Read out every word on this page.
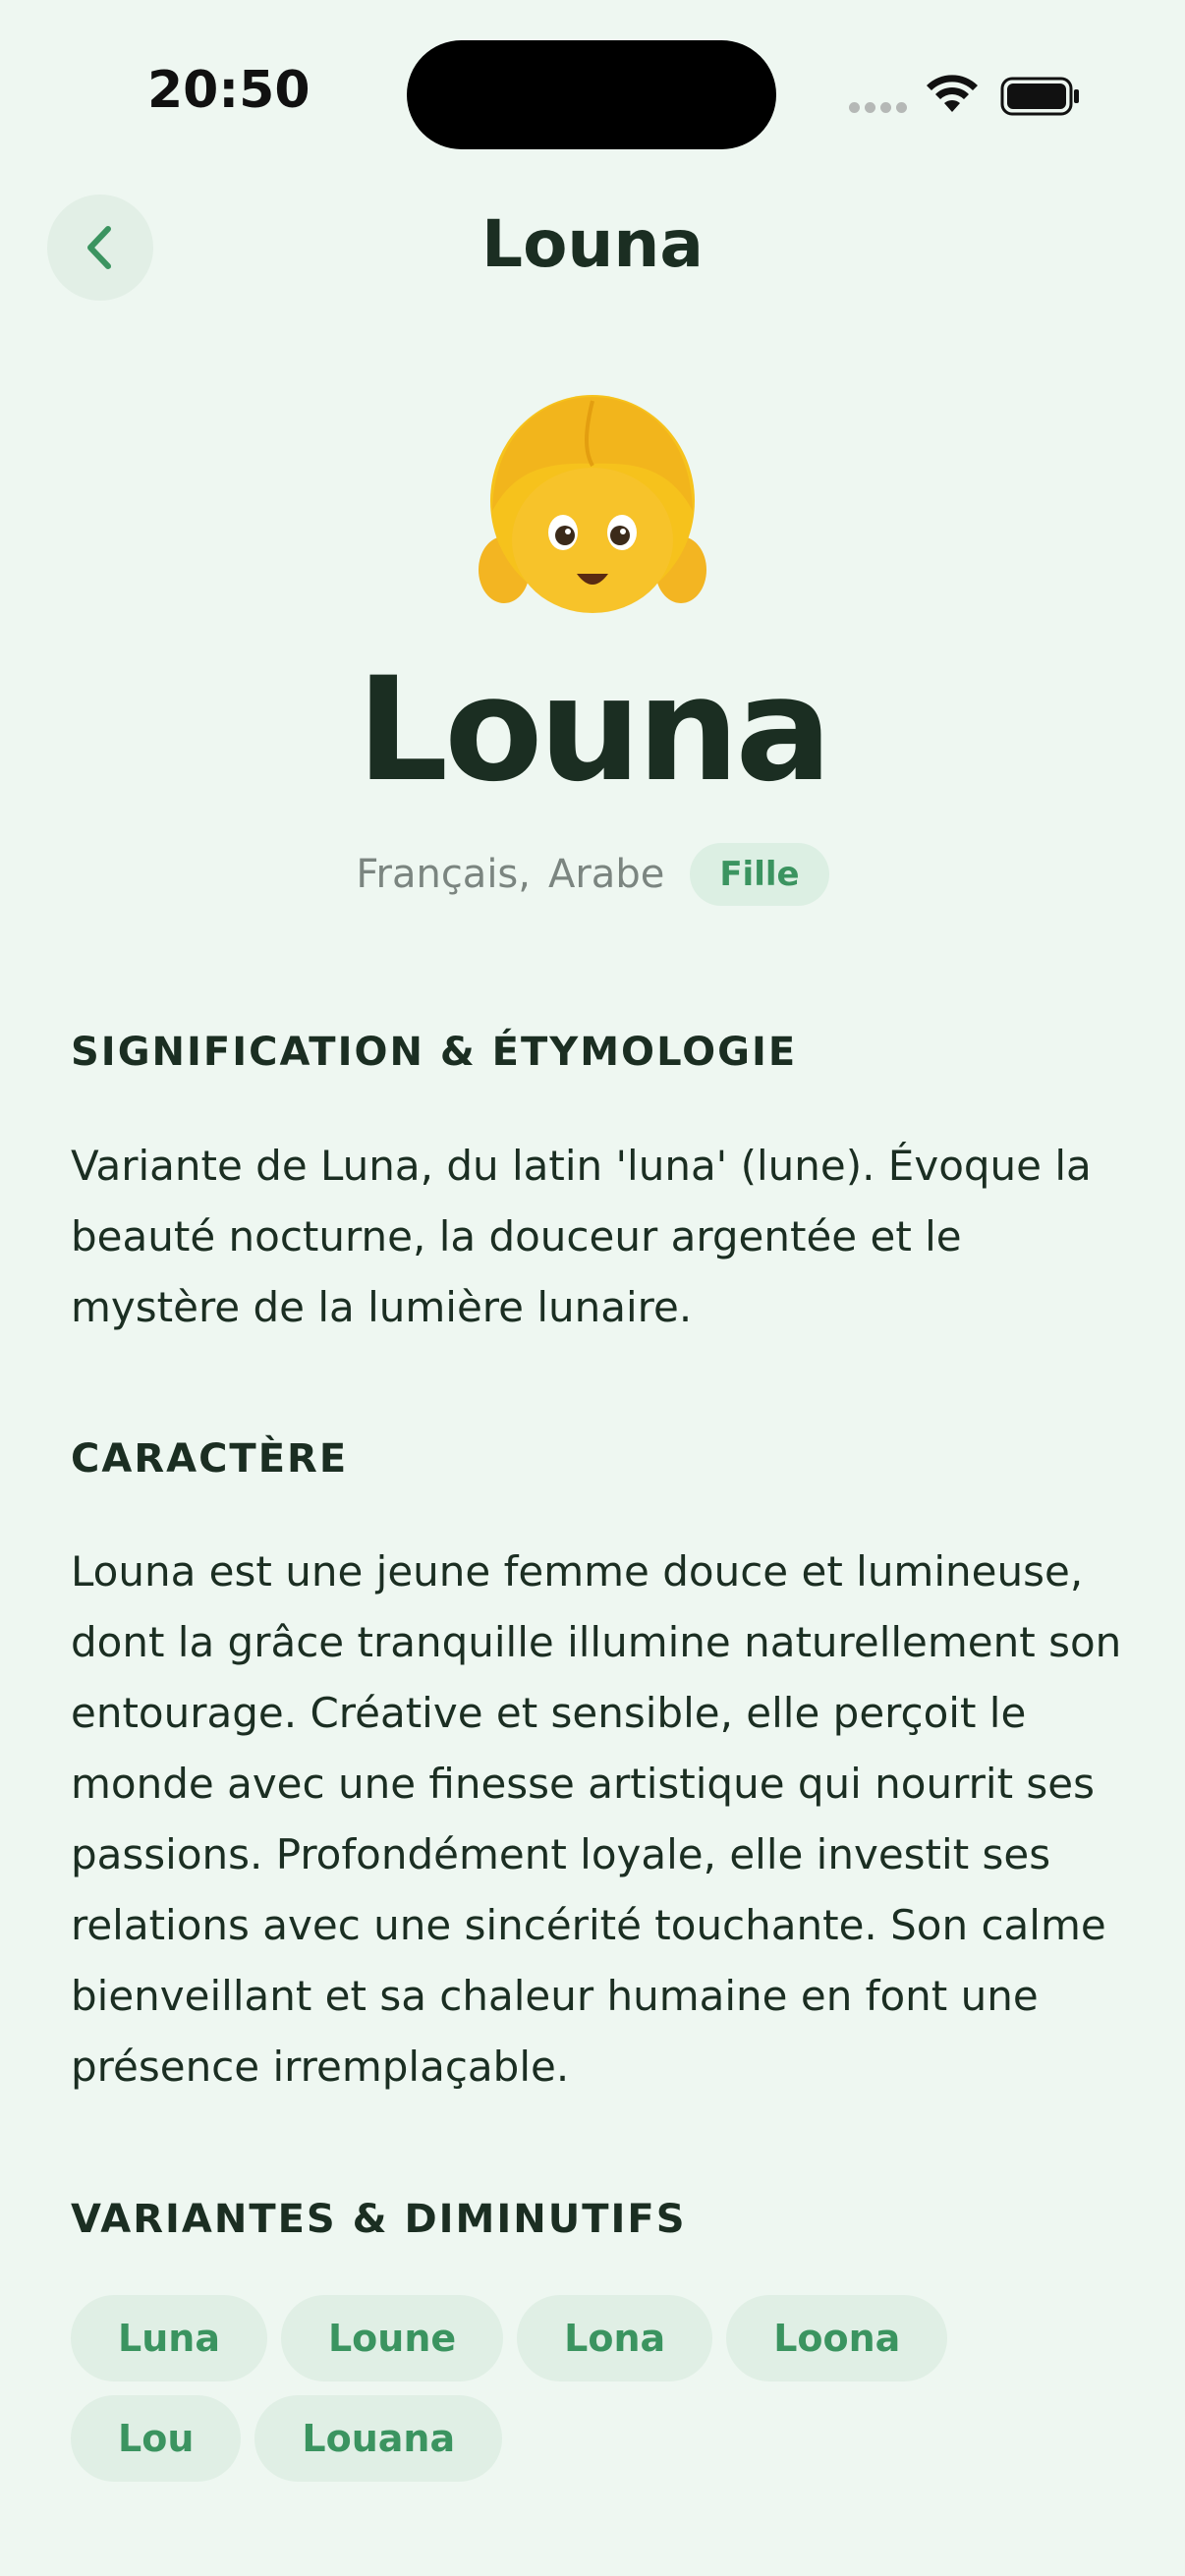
20:50
Louna
Louna
Français , Arabe	Fille
SIGNIFICATION & ÉTYMOLOGIE

Variante de Luna, du latin 'luna' (lune). Évoque la beauté nocturne, la douceur argentée et le mystère de la lumière lunaire.

CARACTÈRE

Louna est une jeune femme douce et lumineuse, dont la grâce tranquille illumine naturellement son entourage. Créative et sensible, elle perçoit le monde avec une finesse artistique qui nourrit ses passions. Profondément loyale, elle investit ses relations avec une sincérité touchante. Son calme bienveillant et sa chaleur humaine en font une présence irremplaçable.

VARIANTES & DIMINUTIFS
Luna	Loune	Lona	Loona
Lou	Louana
